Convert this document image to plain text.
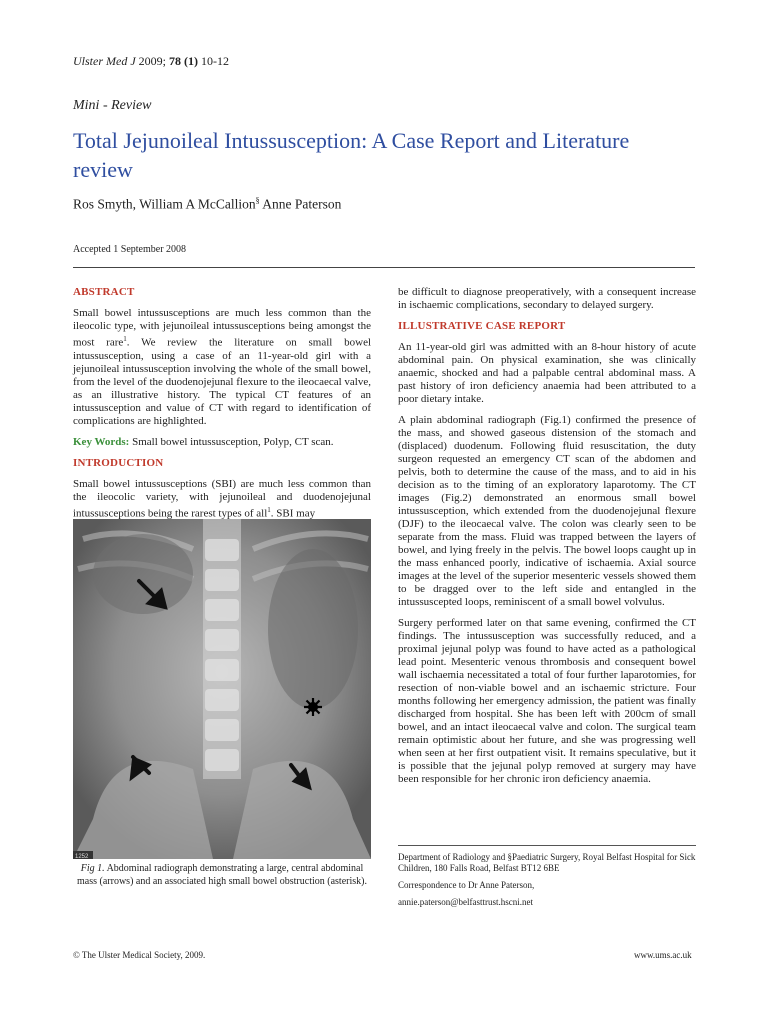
Ulster Med J 2009; 78 (1) 10-12
Mini - Review
Total Jejunoileal Intussusception: A Case Report and Literature review
Ros Smyth, William A McCallion§ Anne Paterson
Accepted 1 September 2008
ABSTRACT

Small bowel intussusceptions are much less common than the ileocolic type, with jejunoileal intussusceptions being amongst the most rare$^1$. We review the literature on small bowel intussusception, using a case of an 11-year-old girl with a jejunoileal intussusception involving the whole of the small bowel, from the level of the duodenojejunal flexure to the ileocaecal valve, as an illustrative history. The typical CT features of an intussusception and value of CT with regard to identification of complications are highlighted.

Key Words: Small bowel intussusception, Polyp, CT scan.

INTRODUCTION

Small bowel intussusceptions (SBI) are much less common than the ileocolic variety, with jejunoileal and duodenojejunal intussusceptions being the rarest types of all$^1$. SBI may

1252
Fig 1. Abdominal radiograph demonstrating a large, central abdominal mass (arrows) and an associated high small bowel obstruction (asterisk).

be difficult to diagnose preoperatively, with a consequent increase in ischaemic complications, secondary to delayed surgery.

ILLUSTRATIVE CASE REPORT

An 11-year-old girl was admitted with an 8-hour history of acute abdominal pain. On physical examination, she was clinically anaemic, shocked and had a palpable central abdominal mass. A past history of iron deficiency anaemia had been attributed to a poor dietary intake.

A plain abdominal radiograph (Fig.1) confirmed the presence of the mass, and showed gaseous distension of the stomach and (displaced) duodenum. Following fluid resuscitation, the duty surgeon requested an emergency CT scan of the abdomen and pelvis, both to determine the cause of the mass, and to aid in his decision as to the timing of an exploratory laparotomy. The CT images (Fig.2) demonstrated an enormous small bowel intussusception, which extended from the duodenojejunal flexure (DJF) to the ileocaecal valve. The colon was clearly seen to be separate from the mass. Fluid was trapped between the layers of bowel, and lying freely in the pelvis. The bowel loops caught up in the mass enhanced poorly, indicative of ischaemia. Axial source images at the level of the superior mesenteric vessels showed them to be dragged over to the left side and entangled in the intussuscepted loops, reminiscent of a small bowel volvulus.

Surgery performed later on that same evening, confirmed the CT findings. The intussusception was successfully reduced, and a proximal jejunal polyp was found to have acted as a pathological lead point. Mesenteric venous thrombosis and consequent bowel wall ischaemia necessitated a total of four further laparotomies, for resection of non-viable bowel and an ischaemic stricture. Four months following her emergency admission, the patient was finally discharged from hospital. She has been left with 200cm of small bowel, and an intact ileocaecal valve and colon. The surgical team remain optimistic about her future, and she was progressing well when seen at her first outpatient visit. It remains speculative, but it is possible that the jejunal polyp removed at surgery may have been responsible for her chronic iron deficiency anaemia.

Department of Radiology and §Paediatric Surgery, Royal Belfast Hospital for Sick Children, 180 Falls Road, Belfast BT12 6BE
Correspondence to Dr Anne Paterson,
annie.paterson@belfasttrust.hscni.net
© The Ulster Medical Society, 2009.	www.ums.ac.uk
